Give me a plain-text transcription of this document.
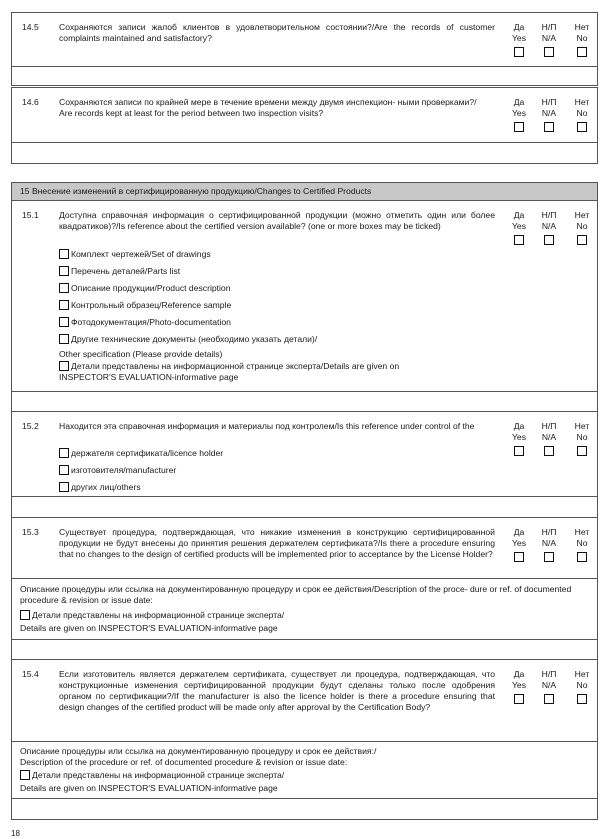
14.5 Сохраняются записи жалоб клиентов в удовлетворительном состоянии?/Are the records of customer complaints maintained and satisfactory?
Да
Yes
Н/П
N/A
Нет
No
14.6 Сохраняются записи по крайней мере в течение времени между двумя инспекцион- ными проверками?/
Are records kept at least for the period between two inspection visits?
Да
Yes
Н/П
N/A
Нет
No
15 Внесение изменений в сертифицированную продукцию/Changes to Certified Products
15.1 Доступна справочная информация о сертифицированной продукции (можно отметить один или более квадратиков)?/Is reference about the certified version available? (one or more boxes may be ticked)
Да
Yes
Н/П
N/A
Нет
No
Комплект чертежей/Set of drawings
Перечень деталей/Parts list
Описание продукции/Product description
Контрольный образец/Reference sample
Фотодокументация/Photo-documentation
Другие технические документы (необходимо указать детали)/
Other specification (Please provide details)
Детали представлены на информационной странице эксперта/Details are given on
INSPECTOR'S EVALUATION-informative page
15.2 Находится эта справочная информация и материалы под контролем/Is this reference under control of the	Да
Yes
Н/П
N/A
Нет
No
держателя сертификата/licence holder
изготовителя/manufacturer
других лиц/others
15.3 Существует процедура, подтверждающая, что никакие изменения в конструкцию сертифицированной продукции не будут внесены до принятия решения держателем сертификата?/Is there a procedure ensuring that no changes to the design of certified products will be implemented prior to acceptance by the License Holder?
Да
Yes
Н/П
N/A
Нет
No
Описание процедуры или ссылка на документированную процедуру и срок ее действия/Description of the proce- dure or ref. of documented procedure & revision or issue date:
Детали представлены на информационной странице эксперта/
Details are given on INSPECTOR'S EVALUATION-informative page
15.4 Если изготовитель является держателем сертификата, существует ли процедура, подтверждающая, что конструкционные изменения сертифицированной продукции будут сделаны только после одобрения органом по сертификации?/If the manufacturer is also the licence holder is there a procedure ensuring that design changes of the certified product will be made only after approval by the Certification Body?
Да
Yes
Н/П
N/A
Нет
No
Описание процедуры или ссылка на документированную процедуру и срок ее действия:/
Description of the procedure or ref. of documented procedure & revision or issue date:
Детали представлены на информационной странице эксперта/
Details are given on INSPECTOR'S EVALUATION-informative page
18
